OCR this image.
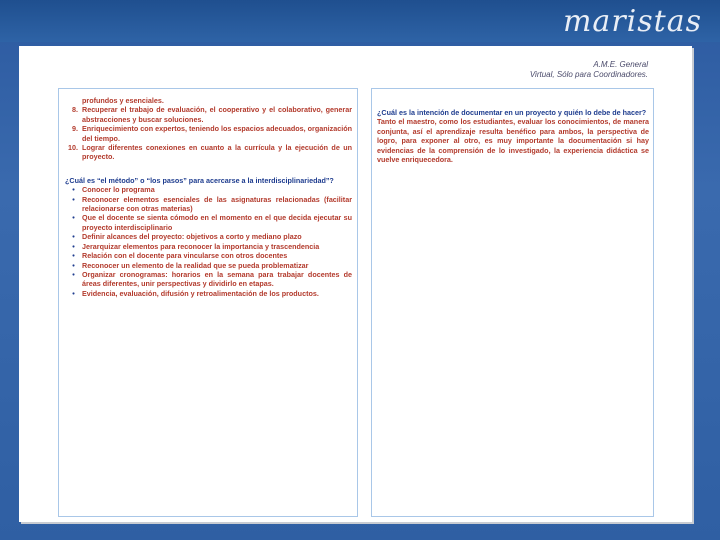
maristas
A.M.E. General
Virtual, Sólo para Coordinadores.
profundos y esenciales.
8. Recuperar el trabajo de evaluación, el cooperativo y el colaborativo, generar abstracciones y buscar soluciones.
9. Enriquecimiento con expertos, teniendo los espacios adecuados, organización del tiempo.
10. Lograr diferentes conexiones en cuanto a la currícula y la ejecución de un proyecto.
¿Cuál es “el método” o “los pasos” para acercarse a la interdisciplinariedad”?
•	Conocer lo programa
•	Reconocer elementos esenciales de las asignaturas relacionadas (facilitar relacionarse con otras materias)
•	Que el docente se sienta cómodo en el momento en el que decida ejecutar su proyecto interdisciplinario
•	Definir alcances del proyecto: objetivos a corto y mediano plazo
•	Jerarquizar elementos para reconocer la importancia y trascendencia
•	Relación con el docente para vincularse con otros docentes
•	Reconocer un elemento de la realidad que se pueda problematizar
•	Organizar cronogramas: horarios en la semana para trabajar docentes de áreas diferentes, unir perspectivas y dividirlo en etapas.
•	Evidencia, evaluación, difusión y retroalimentación de los productos.
¿Cuál es la intención de documentar en un proyecto y quién lo debe de hacer?
Tanto el maestro, como los estudiantes, evaluar los conocimientos, de manera conjunta, así el aprendizaje resulta benéfico para ambos, la perspectiva de logro, para exponer al otro, es muy importante la documentación si hay evidencias de la comprensión de lo investigado, la experiencia didáctica se vuelve enriquecedora.
